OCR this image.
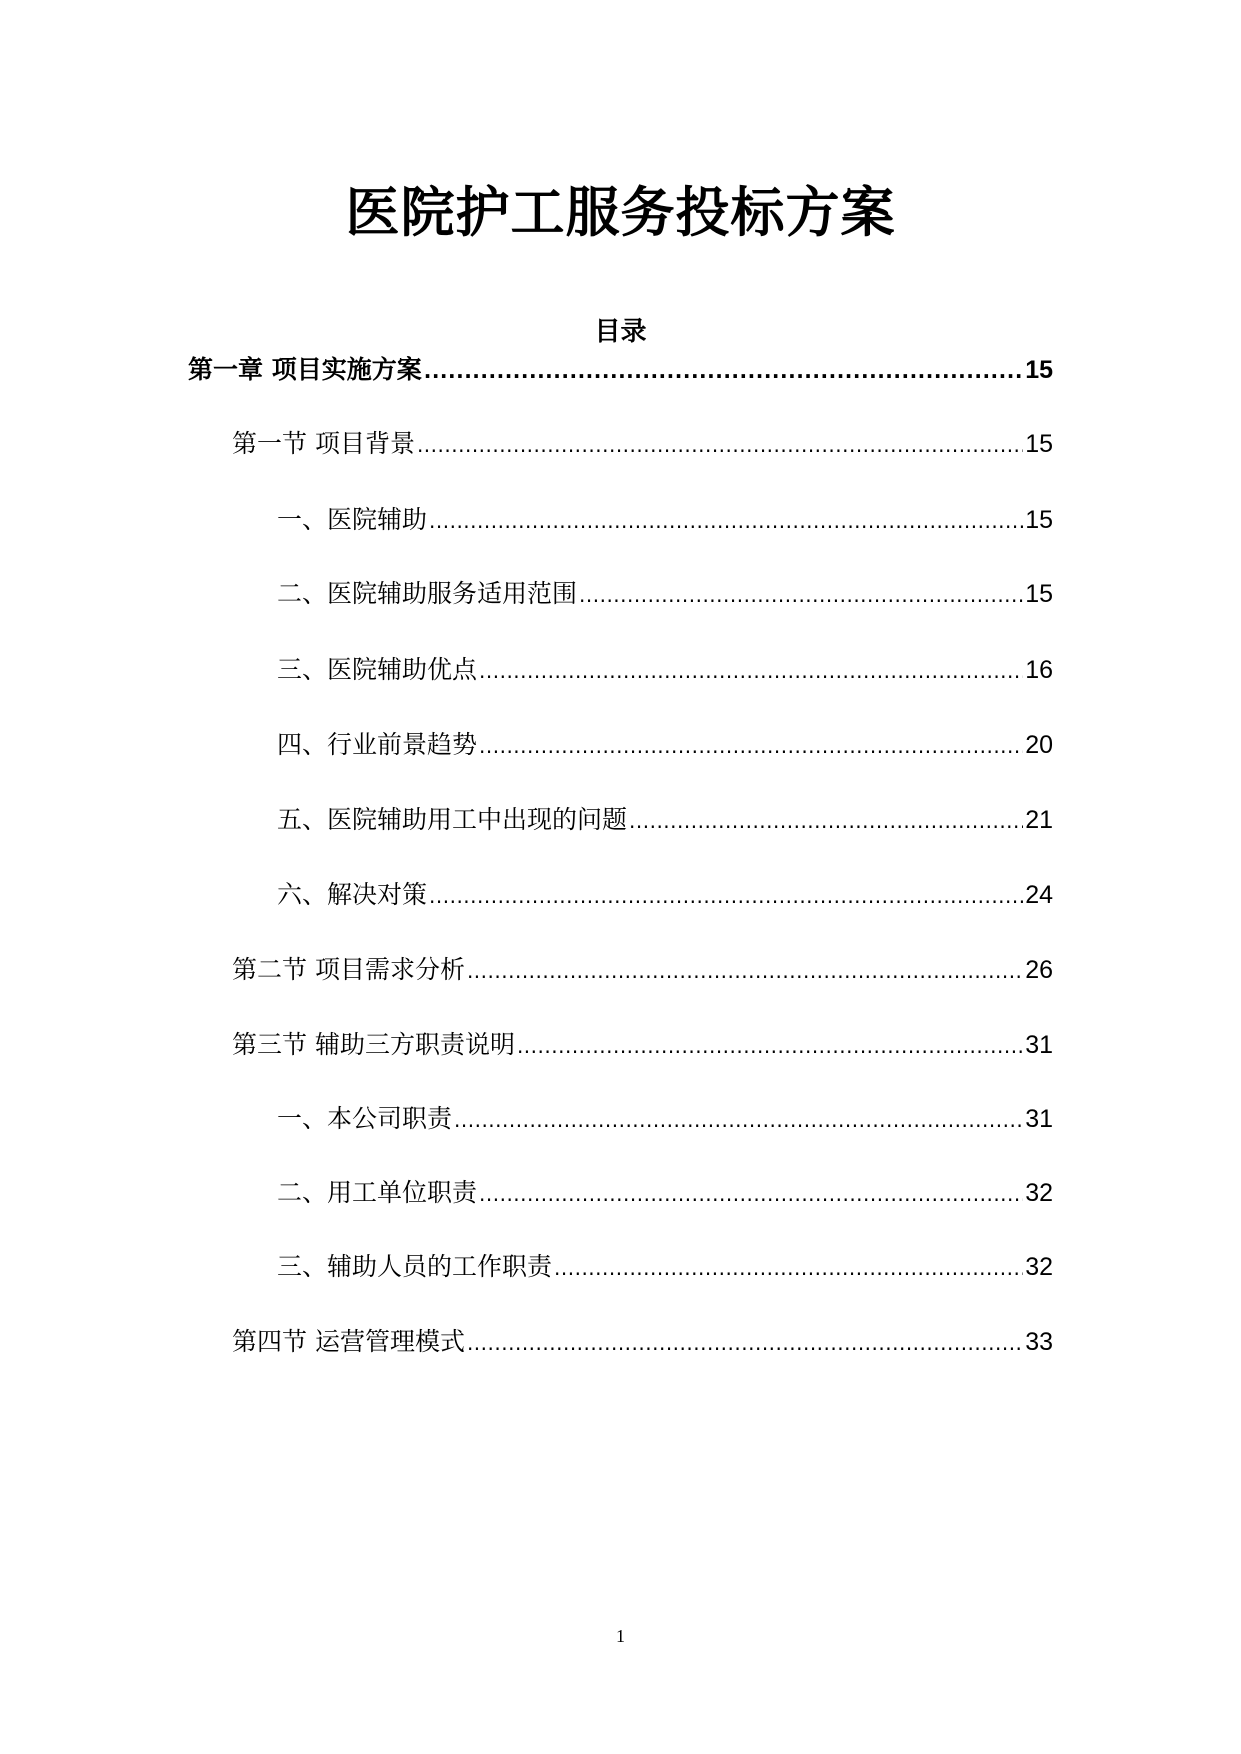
医院护工服务投标方案
目录
第一章 项目实施方案 .....	15
第一节 项目背景 .....	15
一、医院辅助 .....	15
二、医院辅助服务适用范围 .....	15
三、医院辅助优点 .....	16
四、行业前景趋势 .....	20
五、医院辅助用工中出现的问题 .....	21
六、解决对策 .....	24
第二节 项目需求分析 .....	26
第三节 辅助三方职责说明 .....	31
一、本公司职责 .....	31
二、用工单位职责 .....	32
三、辅助人员的工作职责 .....	32
第四节 运营管理模式 .....	33
1
